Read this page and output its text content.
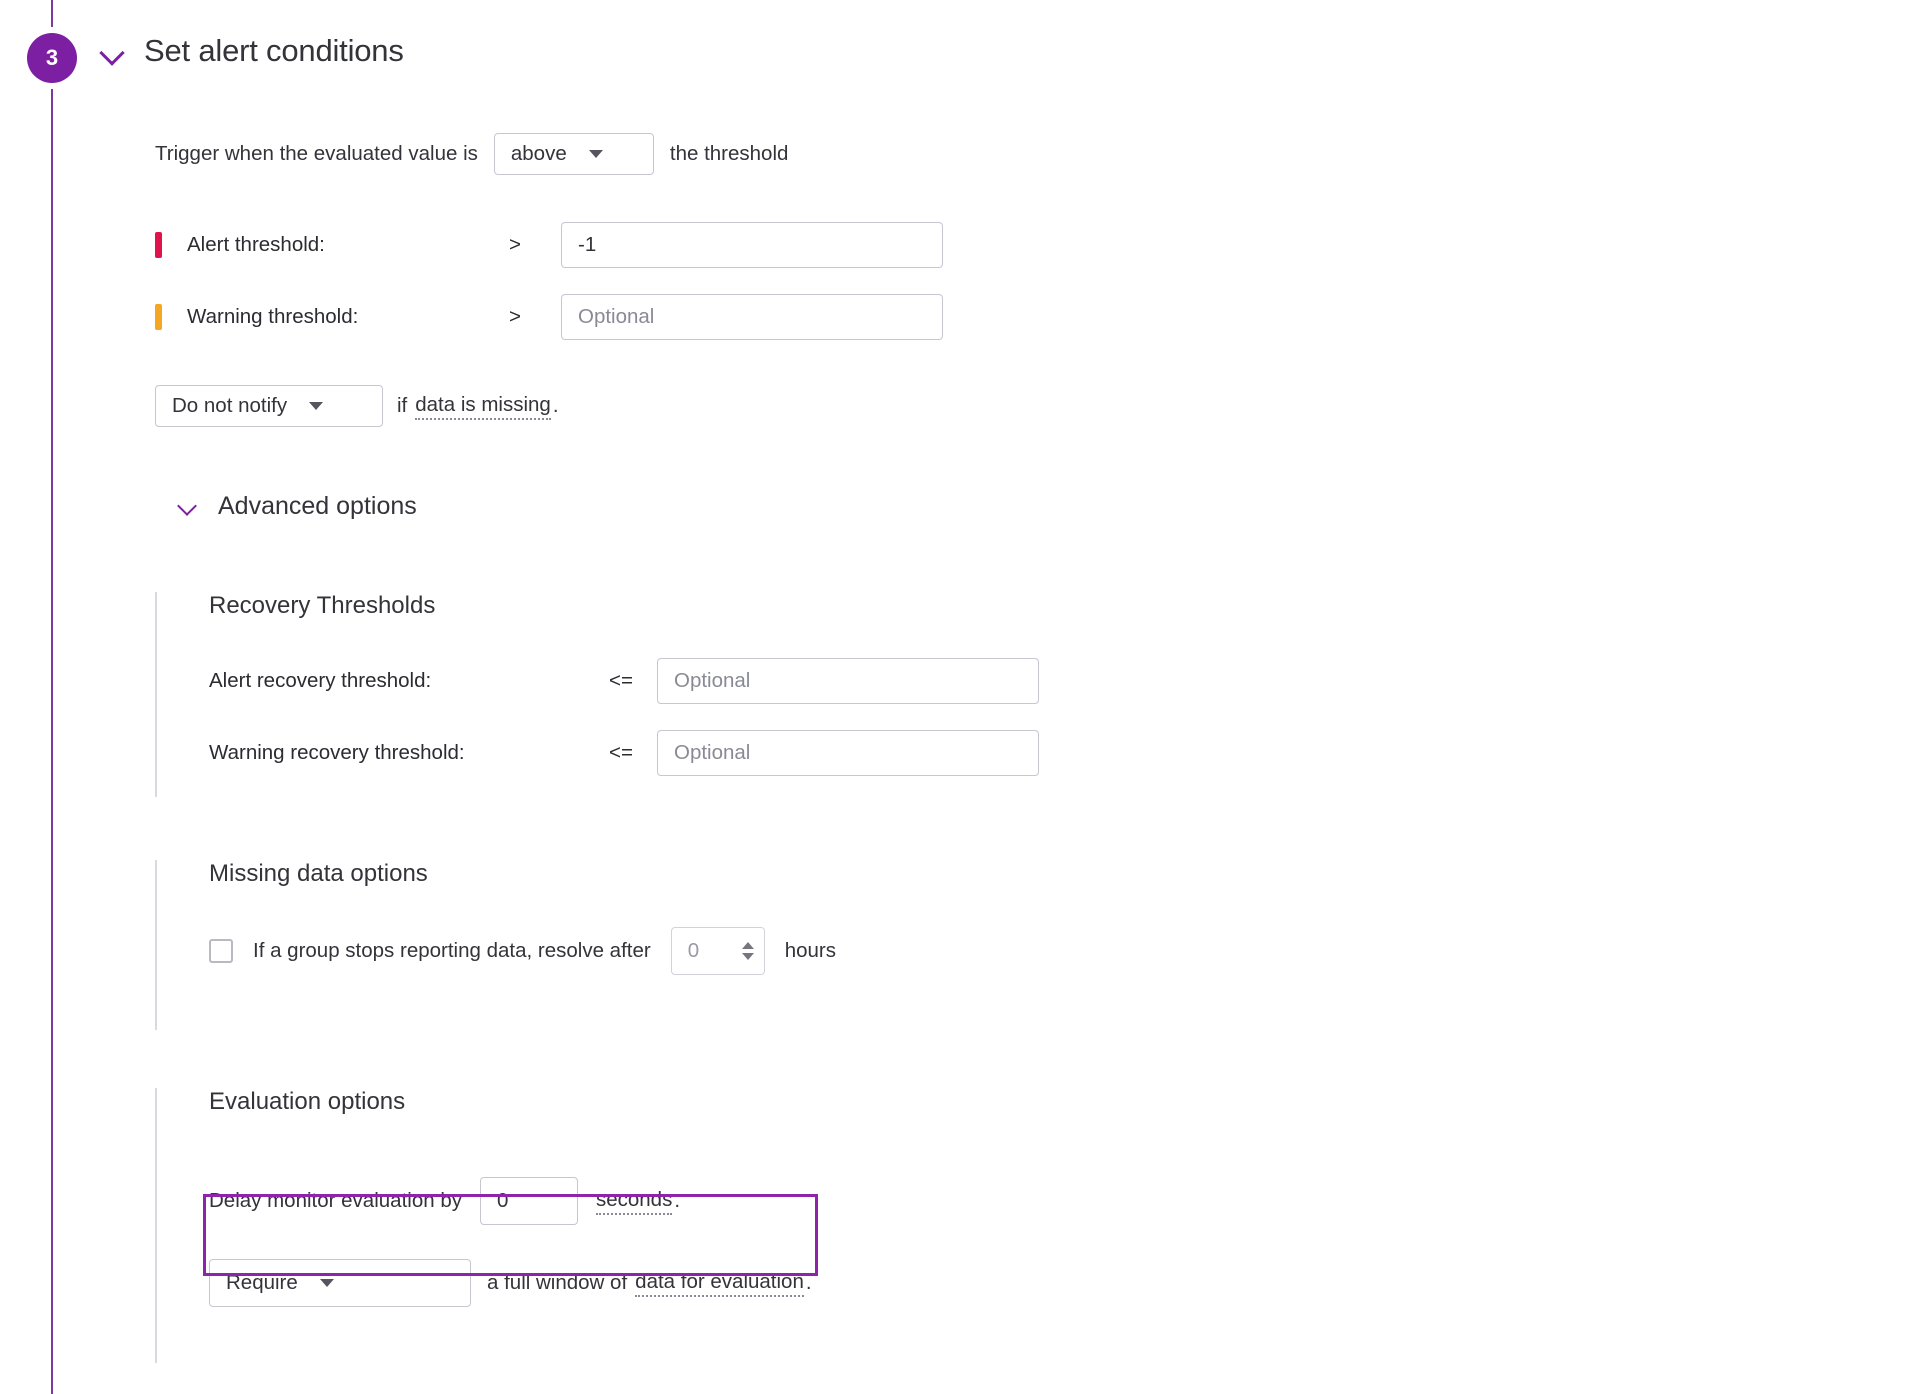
3	Set alert conditions
Trigger when the evaluated value is above	the threshold
Alert threshold:	>	-1
Warning threshold:	>	Optional
Do not notify	if data is missing .
Advanced options
Recovery Thresholds
Alert recovery threshold:	<=	Optional
Warning recovery threshold:	<=	Optional
Missing data options
If a group stops reporting data, resolve after 0	hours
Evaluation options
Delay monitor evaluation by	0	seconds .
Require	a full window of data for evaluation .
